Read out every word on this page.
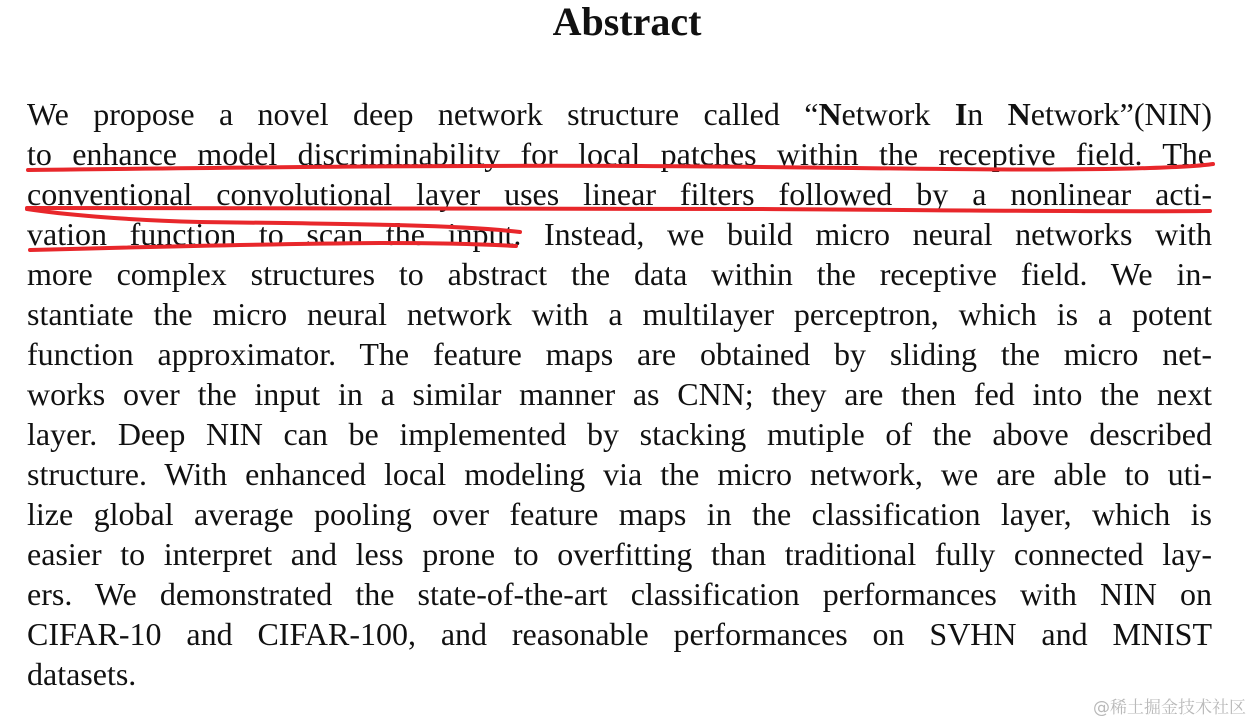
Abstract
We propose a novel deep network structure called “Network In Network”(NIN)
to enhance model discriminability for local patches within the receptive field. The
conventional convolutional layer uses linear filters followed by a nonlinear acti-
vation function to scan the input. Instead, we build micro neural networks with
more complex structures to abstract the data within the receptive field. We in-
stantiate the micro neural network with a multilayer perceptron, which is a potent
function approximator. The feature maps are obtained by sliding the micro net-
works over the input in a similar manner as CNN; they are then fed into the next
layer. Deep NIN can be implemented by stacking mutiple of the above described
structure. With enhanced local modeling via the micro network, we are able to uti-
lize global average pooling over feature maps in the classification layer, which is
easier to interpret and less prone to overfitting than traditional fully connected lay-
ers. We demonstrated the state-of-the-art classification performances with NIN on
CIFAR-10 and CIFAR-100, and reasonable performances on SVHN and MNIST
datasets.
@稀土掘金技术社区
